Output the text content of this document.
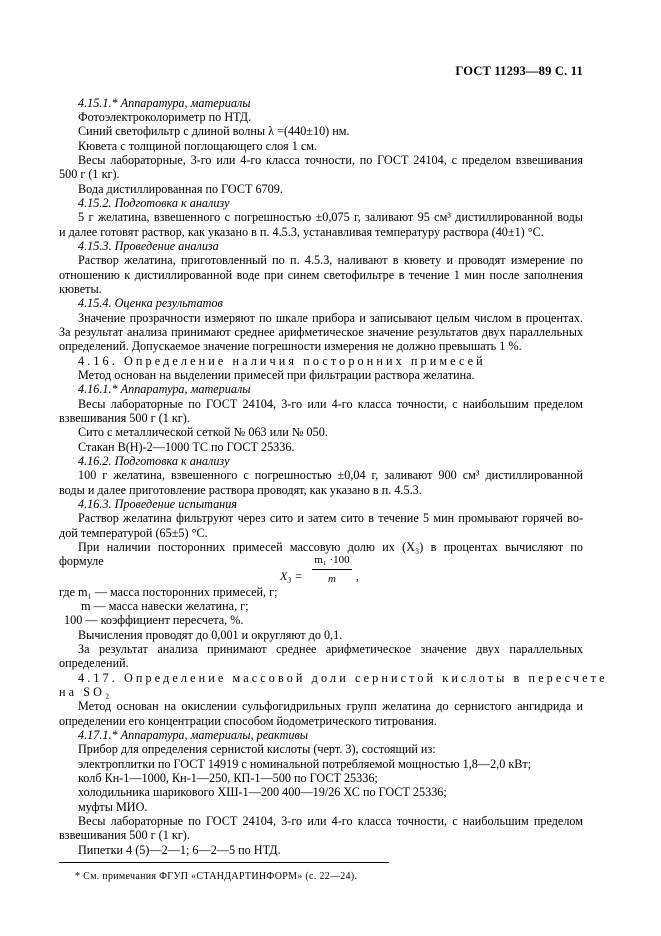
ГОСТ 11293—89 С. 11
4.15.1.* Аппаратура, материалы
Фотоэлектроколориметр по НТД.
Синий светофильтр с длиной волны λ =(440±10) нм.
Кювета с толщиной поглощающего слоя 1 см.
Весы лабораторные, 3-го или 4-го класса точности, по ГОСТ 24104, с пределом взвешивания
500 г (1 кг).
Вода дистиллированная по ГОСТ 6709.
4.15.2. Подготовка к анализу
5 г желатина, взвешенного с погрешностью ±0,075 г, заливают 95 см³ дистиллированной воды
и далее готовят раствор, как указано в п. 4.5.3, устанавливая температуру раствора (40±1) °С.
4.15.3. Проведение анализа
Раствор желатина, приготовленный по п. 4.5.3, наливают в кювету и проводят измерение по
отношению к дистиллированной воде при синем светофильтре в течение 1 мин после заполнения
кюветы.
4.15.4. Оценка результатов
Значение прозрачности измеряют по шкале прибора и записывают целым числом в процентах.
За результат анализа принимают среднее арифметическое значение результатов двух параллельных
определений. Допускаемое значение погрешности измерения не должно превышать 1 %.
4.16. Определение наличия посторонних примесей
Метод основан на выделении примесей при фильтрации раствора желатина.
4.16.1.* Аппаратура, материалы
Весы лабораторные по ГОСТ 24104, 3-го или 4-го класса точности, с наибольшим пределом
взвешивания 500 г (1 кг).
Сито с металлической сеткой № 063 или № 050.
Стакан В(Н)-2—1000 ТС по ГОСТ 25336.
4.16.2. Подготовка к анализу
100 г желатина, взвешенного с погрешностью ±0,04 г, заливают 900 см³ дистиллированной
воды и далее приготовление раствора проводят, как указано в п. 4.5.3.
4.16.3. Проведение испытания
Раствор желатина фильтруют через сито и затем сито в течение 5 мин промывают горячей во-
дой температурой (65±5) °С.
При наличии посторонних примесей массовую долю их (X₃) в процентах вычисляют по
формуле
X₃ =
m₁ ·100
m	,
где m₁ — масса посторонних примесей, г;
m — масса навески желатина, г;
100 — коэффициент пересчета, %.
Вычисления проводят до 0,001 и округляют до 0,1.
За результат анализа принимают среднее арифметическое значение двух параллельных
определений.
4.17. Определение массовой доли сернистой кислоты в пересчете
на SO₂
Метод основан на окислении сульфогидрильных групп желатина до сернистого ангидрида и
определении его концентрации способом йодометрического титрования.
4.17.1.* Аппаратура, материалы, реактивы
Прибор для определения сернистой кислоты (черт. 3), состоящий из:
электроплитки по ГОСТ 14919 с номинальной потребляемой мощностью 1,8—2,0 кВт;
колб Кн-1—1000, Кн-1—250, КП-1—500 по ГОСТ 25336;
холодильника шарикового ХШ-1—200 400—19/26 ХС по ГОСТ 25336;
муфты МИО.
Весы лабораторные по ГОСТ 24104, 3-го или 4-го класса точности, с наибольшим пределом
взвешивания 500 г (1 кг).
Пипетки 4 (5)—2—1; 6—2—5 по НТД.
* См. примечания ФГУП «СТАНДАРТИНФОРМ» (с. 22—24).
